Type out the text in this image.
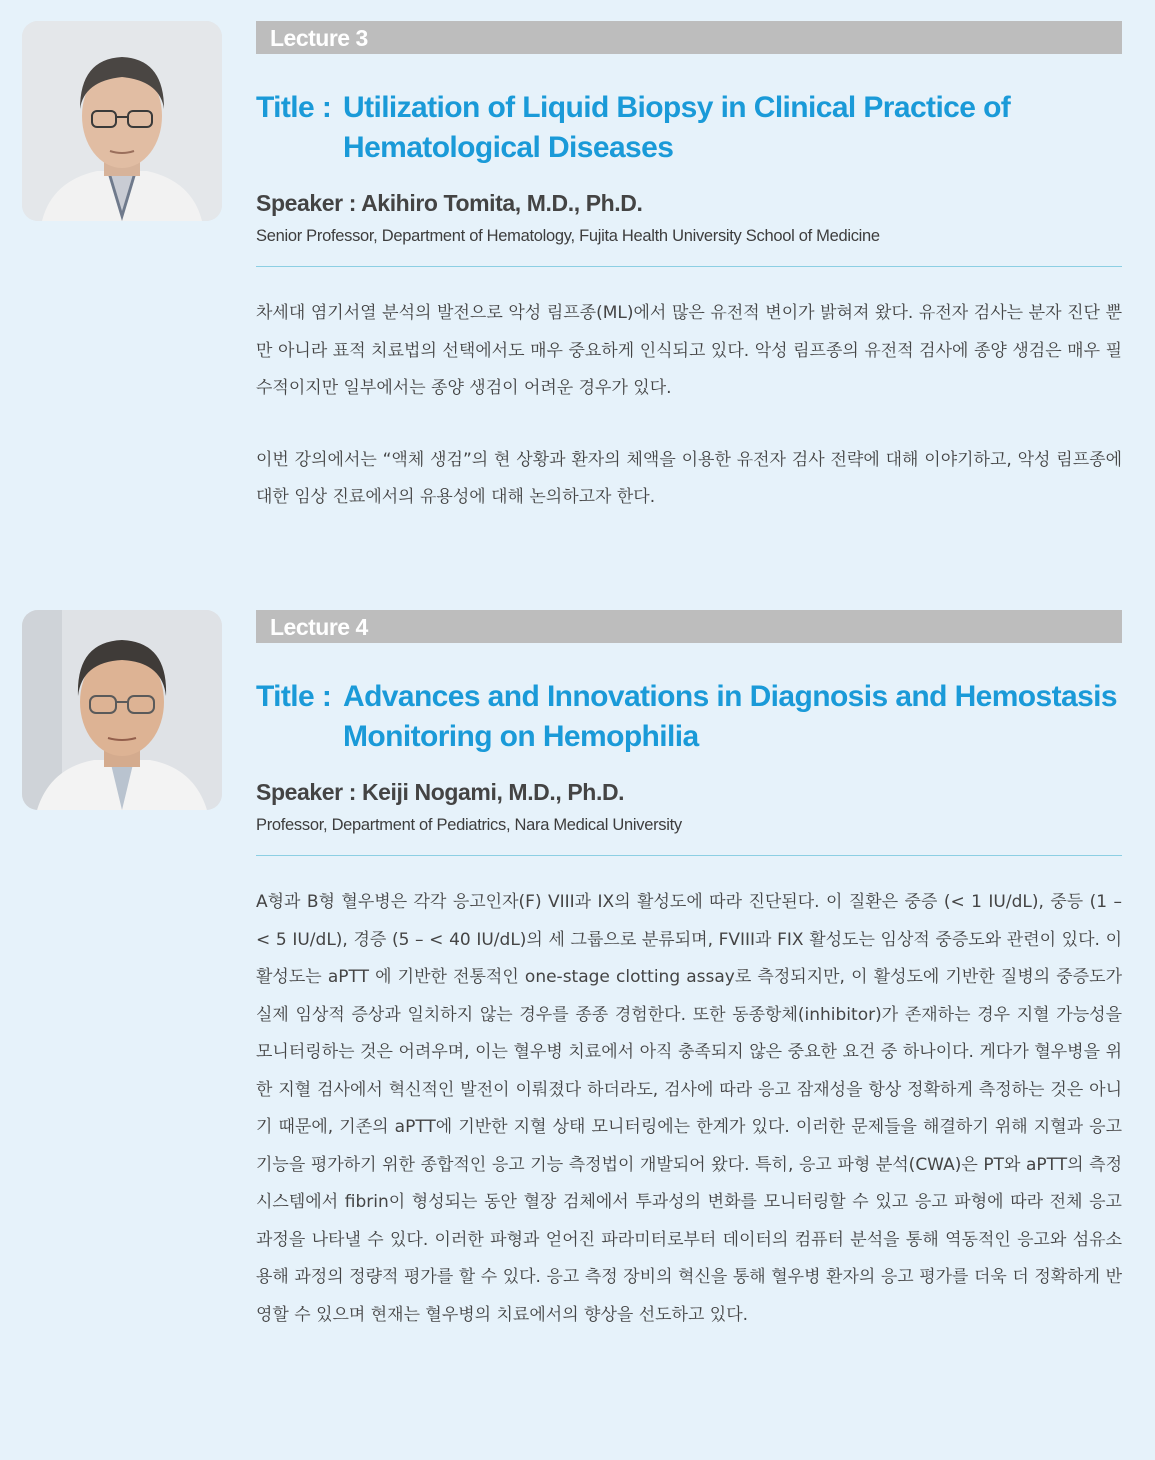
Lecture 3
Title : Utilization of Liquid Biopsy in Clinical Practice of Hematological Diseases
Speaker : Akihiro Tomita, M.D., Ph.D.
Senior Professor, Department of Hematology, Fujita Health University School of Medicine

차세대 염기서열 분석의 발전으로 악성 림프종(ML)에서 많은 유전적 변이가 밝혀져 왔다. 유전자 검사는 분자 진단 뿐만 아니라 표적 치료법의 선택에서도 매우 중요하게 인식되고 있다. 악성 림프종의 유전적 검사에 종양 생검은 매우 필수적이지만 일부에서는 종양 생검이 어려운 경우가 있다.

이번 강의에서는 “액체 생검”의 현 상황과 환자의 체액을 이용한 유전자 검사 전략에 대해 이야기하고, 악성 림프종에 대한 임상 진료에서의 유용성에 대해 논의하고자 한다.

Lecture 4
Title : Advances and Innovations in Diagnosis and Hemostasis Monitoring on Hemophilia
Speaker : Keiji Nogami, M.D., Ph.D.
Professor, Department of Pediatrics, Nara Medical University

A형과 B형 혈우병은 각각 응고인자(F) VIII과 IX의 활성도에 따라 진단된다. 이 질환은 중증 (< 1 IU/dL), 중등 (1 – < 5 IU/dL), 경증 (5 – < 40 IU/dL)의 세 그룹으로 분류되며, FVIII과 FIX 활성도는 임상적 중증도와 관련이 있다. 이 활성도는 aPTT 에 기반한 전통적인 one-stage clotting assay로 측정되지만, 이 활성도에 기반한 질병의 중증도가 실제 임상적 증상과 일치하지 않는 경우를 종종 경험한다. 또한 동종항체(inhibitor)가 존재하는 경우 지혈 가능성을 모니터링하는 것은 어려우며, 이는 혈우병 치료에서 아직 충족되지 않은 중요한 요건 중 하나이다. 게다가 혈우병을 위한 지혈 검사에서 혁신적인 발전이 이뤄졌다 하더라도, 검사에 따라 응고 잠재성을 항상 정확하게 측정하는 것은 아니기 때문에, 기존의 aPTT에 기반한 지혈 상태 모니터링에는 한계가 있다. 이러한 문제들을 해결하기 위해 지혈과 응고 기능을 평가하기 위한 종합적인 응고 기능 측정법이 개발되어 왔다. 특히, 응고 파형 분석(CWA)은 PT와 aPTT의 측정 시스템에서 fibrin이 형성되는 동안 혈장 검체에서 투과성의 변화를 모니터링할 수 있고 응고 파형에 따라 전체 응고 과정을 나타낼 수 있다. 이러한 파형과 얻어진 파라미터로부터 데이터의 컴퓨터 분석을 통해 역동적인 응고와 섬유소 용해 과정의 정량적 평가를 할 수 있다. 응고 측정 장비의 혁신을 통해 혈우병 환자의 응고 평가를 더욱 더 정확하게 반영할 수 있으며 현재는 혈우병의 치료에서의 향상을 선도하고 있다.
